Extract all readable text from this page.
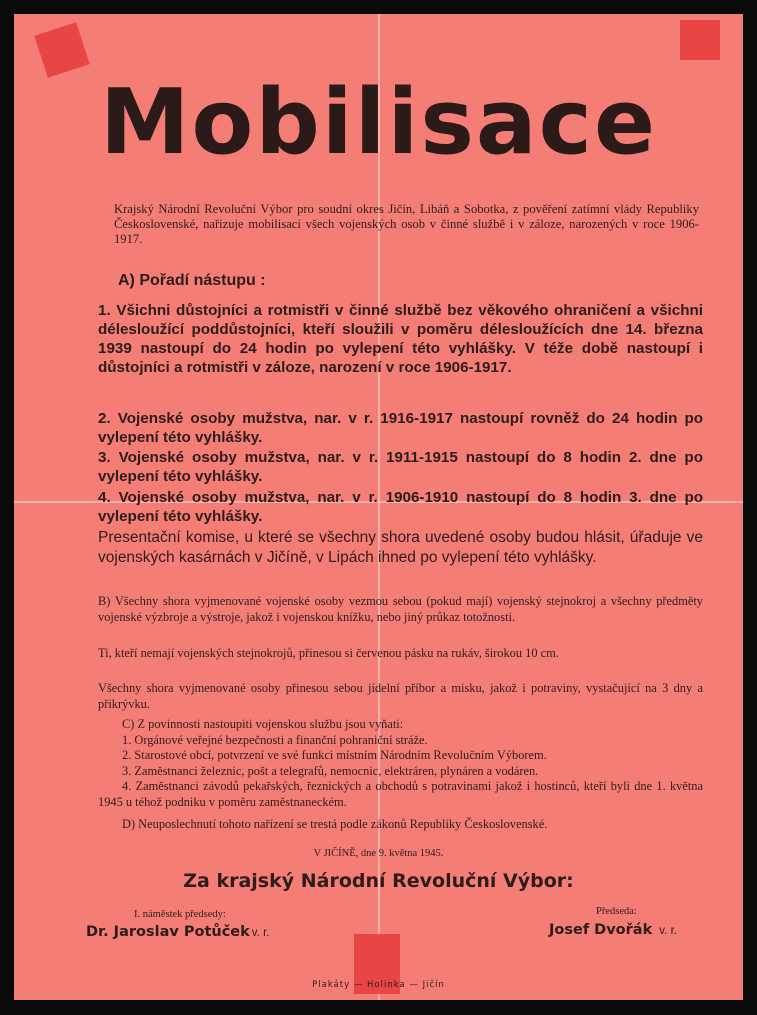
Mobilisace
Krajský Národní Revoluční Výbor pro soudní okres Jičín, Libáň a Sobotka, z pověření zatímní vlády Republiky Československé, nařizuje mobilisaci všech vojenských osob v činné službě i v záloze, narozených v roce 1906-1917.
A) Pořadí nástupu :
1. Všichni důstojníci a rotmistři v činné službě bez věkového ohraničení a všichni délesloužící poddůstojníci, kteří sloužili v poměru délesloužících dne 14. března 1939 nastoupí do 24 hodin po vylepení této vyhlášky. V téže době nastoupí i důstojníci a rotmistři v záloze, narození v roce 1906-1917.
2. Vojenské osoby mužstva, nar. v r. 1916-1917 nastoupí rovněž do 24 hodin po vylepení této vyhlášky.
3. Vojenské osoby mužstva, nar. v r. 1911-1915 nastoupí do 8 hodin 2. dne po vylepení této vyhlášky.
4. Vojenské osoby mužstva, nar. v r. 1906-1910 nastoupí do 8 hodin 3. dne po vylepení této vyhlášky.
Presentační komise, u které se všechny shora uvedené osoby budou hlásit, úřaduje ve vojenských kasárnách v Jičíně, v Lipách ihned po vylepení této vyhlášky.
B) Všechny shora vyjmenované vojenské osoby vezmou sebou (pokud mají) vojenský stejnokroj a všechny předměty vojenské výzbroje a výstroje, jakož i vojenskou knížku, nebo jiný průkaz totožnosti.
Ti, kteří nemají vojenských stejnokrojů, přinesou si červenou pásku na rukáv, širokou 10 cm.
Všechny shora vyjmenované osoby přinesou sebou jídelní příbor a misku, jakož i potraviny, vystačující na 3 dny a přikrývku.
C) Z povinnosti nastoupiti vojenskou službu jsou vyňati:
1. Orgánové veřejné bezpečnosti a finanční pohraniční stráže.
2. Starostové obcí, potvrzení ve své funkci místním Národním Revolučním Výborem.
3. Zaměstnanci železnic, pošt a telegrafů, nemocnic, elektráren, plynáren a vodáren.
4. Zaměstnanci závodů pekařských, řeznických a obchodů s potravinami jakož i hostinců, kteří byli dne 1. května 1945 u téhož podniku v poměru zaměstnaneckém.
D) Neuposlechnutí tohoto nařízení se trestá podle zákonů Republiky Československé.
V JIČÍNĚ, dne 9. května 1945.
Za krajský Národní Revoluční Výbor:
I. náměstek předsedy:	Předseda:
Dr. Jaroslav Potůček v. r.	Josef Dvořák v. r.
Plakáty — Holinka — Jičín
